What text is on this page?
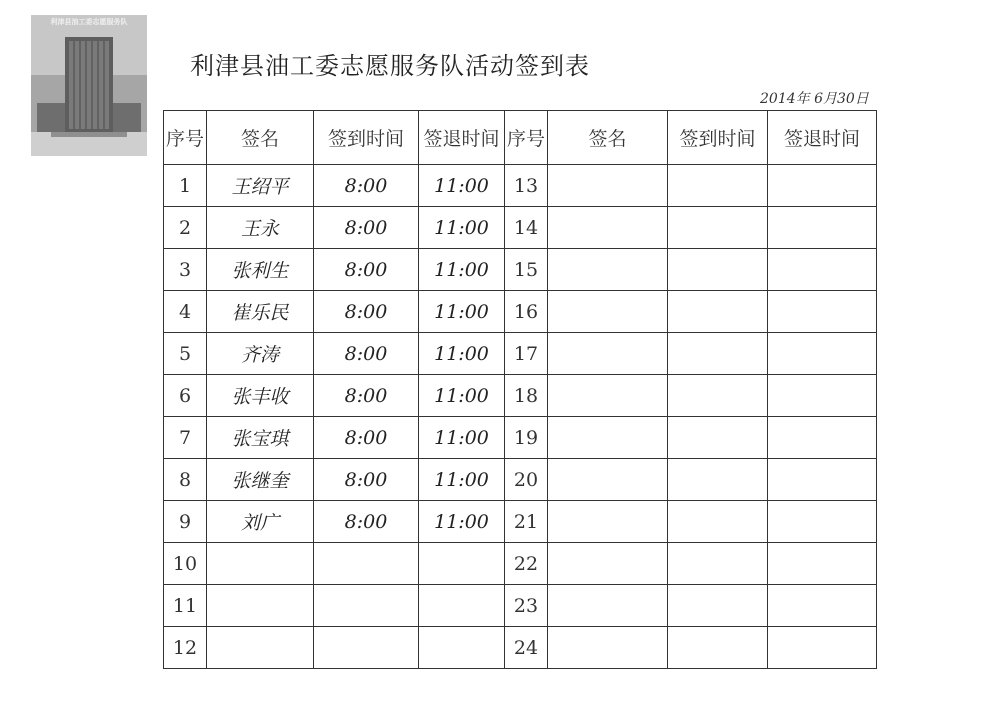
利津县油工委志愿服务队
利津县油工委志愿服务队活动签到表
2014年 6月30日
序号	签名	签到时间	签退时间	序号	签名	签到时间	签退时间
1	王绍平	8:00	11:00	13			
2	王永	8:00	11:00	14			
3	张利生	8:00	11:00	15			
4	崔乐民	8:00	11:00	16			
5	齐涛	8:00	11:00	17			
6	张丰收	8:00	11:00	18			
7	张宝琪	8:00	11:00	19			
8	张继奎	8:00	11:00	20			
9	刘广	8:00	11:00	21			
10				22			
11				23			
12				24			
